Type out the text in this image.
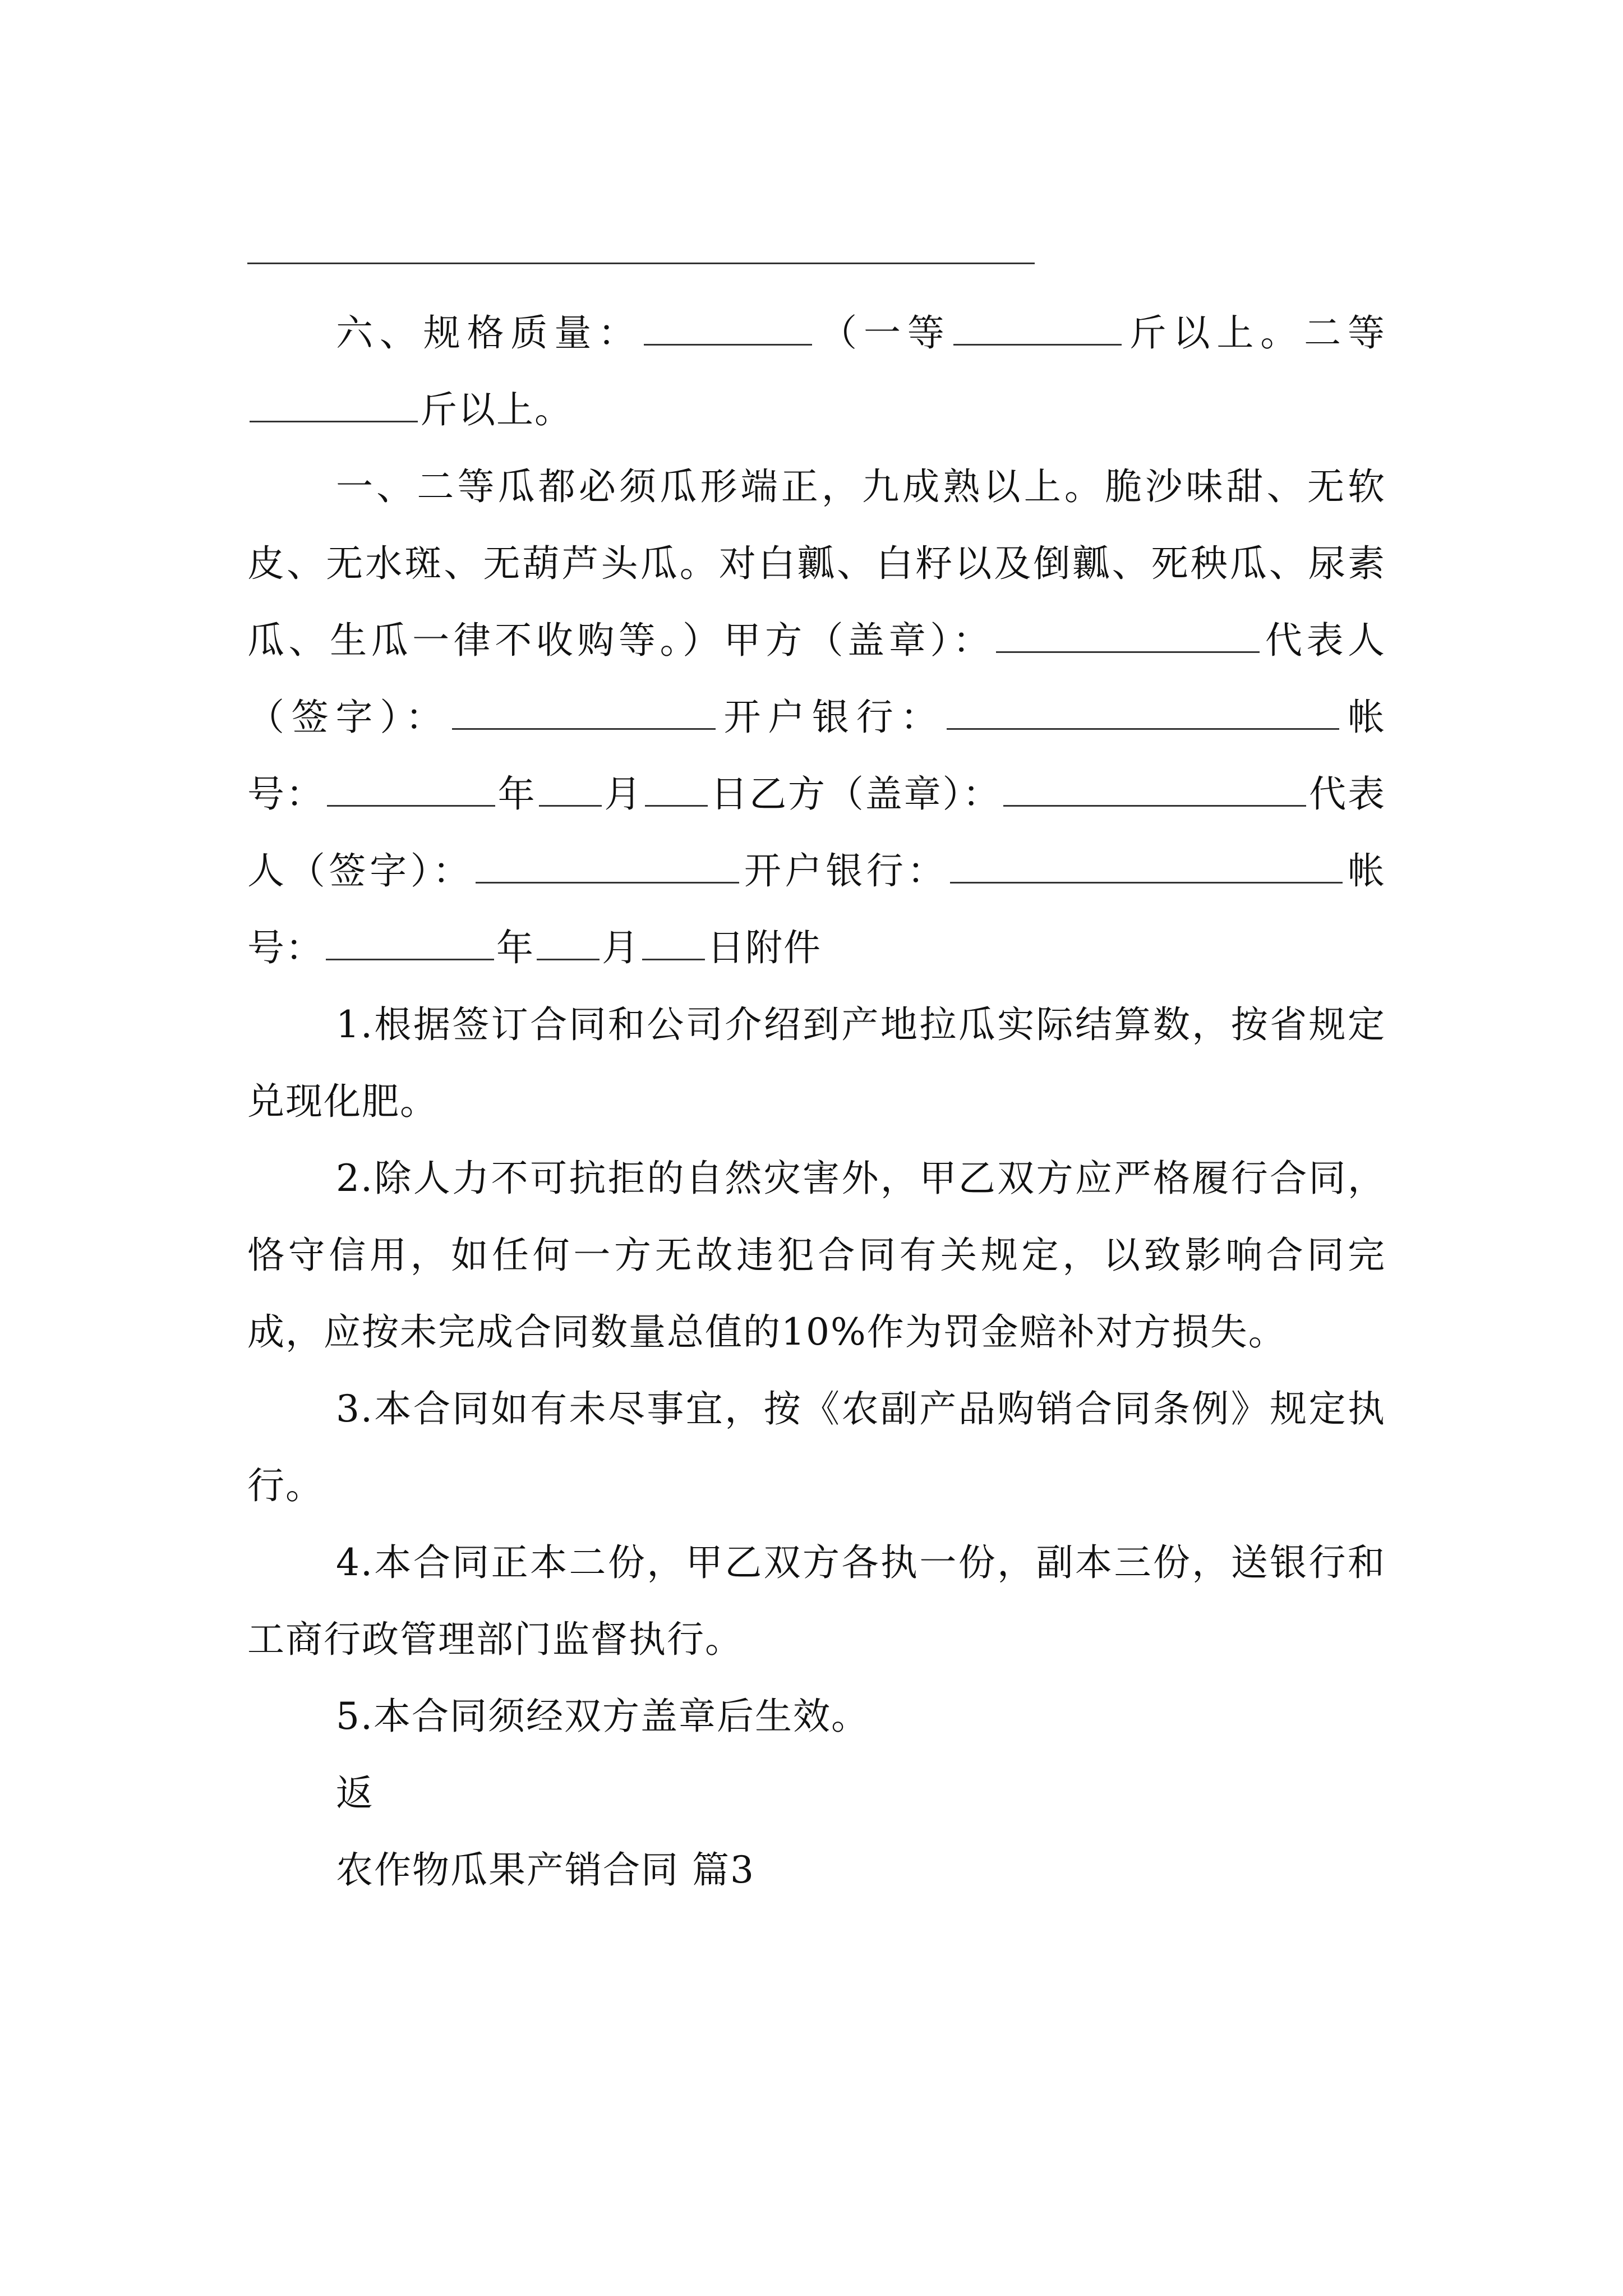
六、规格质量：	（一等	斤以上。二等斤以上。

一、二等瓜都必须瓜形端正，九成熟以上。脆沙味甜、无软皮、无水斑、无葫芦头瓜。对白瓤、白籽以及倒瓤、死秧瓜、尿素瓜、生瓜一律不收购等。）甲方（盖章）：	代表人（签字）：	开户银行：	帐号：	年 月 日乙方（盖章）：	代表人（签字）：	开户银行：	帐号：	年 月 日附件

1.根据签订合同和公司介绍到产地拉瓜实际结算数，按省规定兑现化肥。

2.除人力不可抗拒的自然灾害外，甲乙双方应严格履行合同，恪守信用，如任何一方无故违犯合同有关规定，以致影响合同完成，应按未完成合同数量总值的10%作为罚金赔补对方损失。

3.本合同如有未尽事宜，按《农副产品购销合同条例》规定执行。

4.本合同正本二份，甲乙双方各执一份，副本三份，送银行和工商行政管理部门监督执行。

5.本合同须经双方盖章后生效。

返

农作物瓜果产销合同 篇3
